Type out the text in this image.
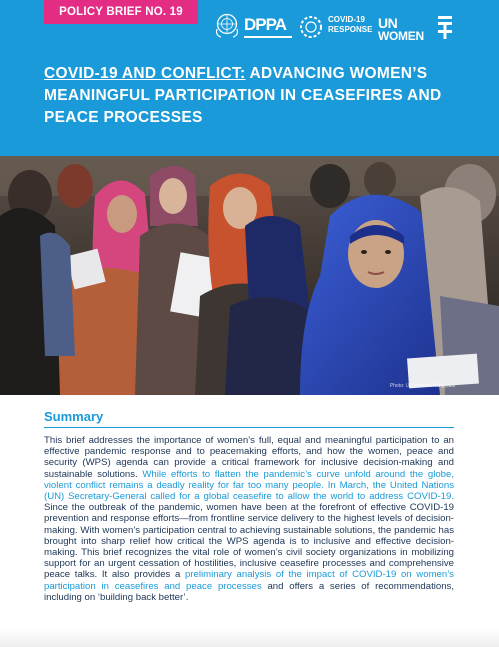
POLICY BRIEF NO. 19
DPPA	COVID-19
RESPONSE UN
WOMEN
COVID-19 AND CONFLICT: ADVANCING WOMEN’S MEANINGFUL PARTICIPATION IN CEASEFIRES AND PEACE PROCESSES
Photo: UN Women/Nangyalai
Summary

This brief addresses the importance of women’s full, equal and meaningful participation to an effective pandemic response and to peacemaking efforts, and how the women, peace and security (WPS) agenda can provide a critical framework for inclusive decision-making and sustainable solutions. While efforts to flatten the pandemic’s curve unfold around the globe, violent conflict remains a deadly reality for far too many people. In March, the United Nations (UN) Secretary-General called for a global ceasefire to allow the world to address COVID-19. Since the outbreak of the pandemic, women have been at the forefront of effective COVID-19 prevention and response efforts—from frontline service delivery to the highest levels of decision-making. With women’s participation central to achieving sustainable solutions, the pandemic has brought into sharp relief how critical the WPS agenda is to inclusive and effective decision-making. This brief recognizes the vital role of women’s civil society organizations in mobilizing support for an urgent cessation of hostilities, inclusive ceasefire processes and comprehensive peace talks. It also provides a preliminary analysis of the impact of COVID-19 on women’s participation in ceasefires and peace processes and offers a series of recommendations, including on ‘building back better’.
